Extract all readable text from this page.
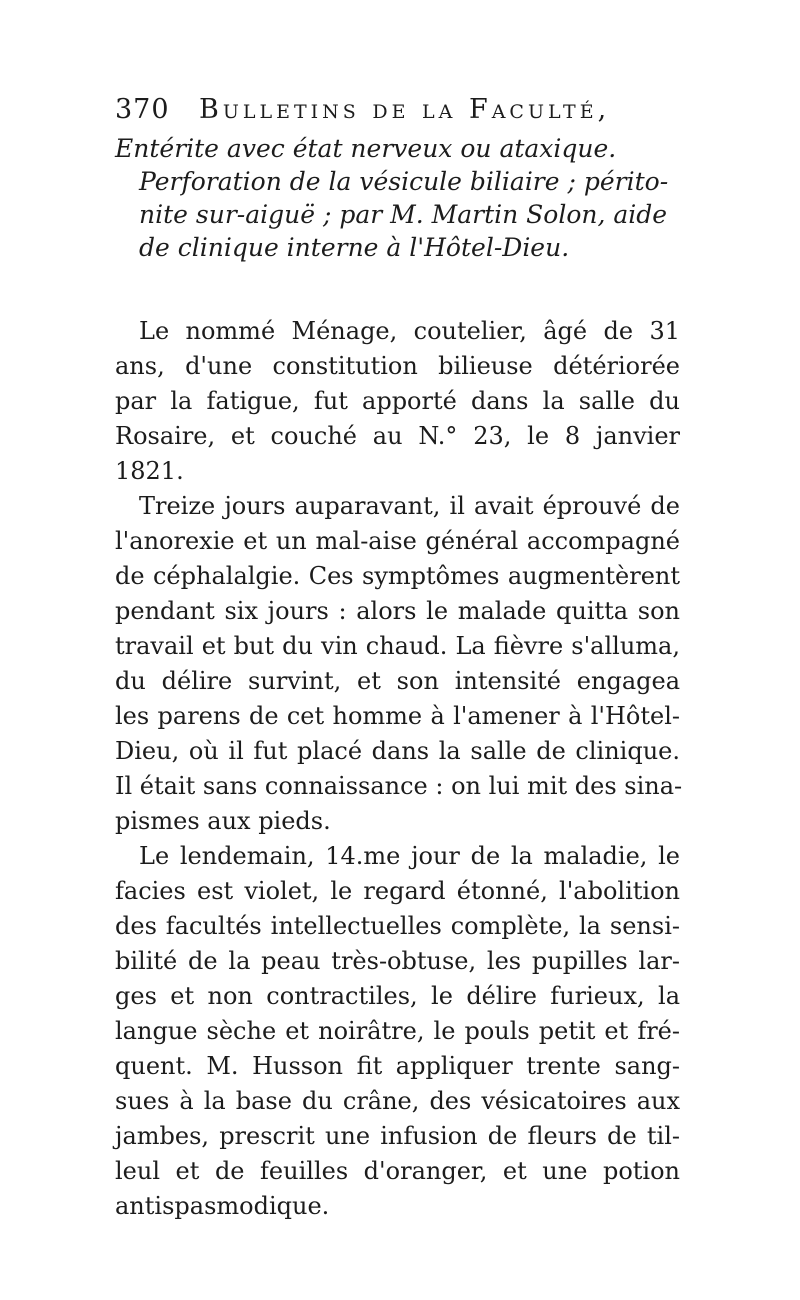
370 Bulletins de la Faculté,
Entérite avec état nerveux ou ataxique.
Perforation de la vésicule biliaire ; périto-
nite sur-aiguë ; par M. Martin Solon, aide
de clinique interne à l'Hôtel-Dieu.
Le nommé Ménage, coutelier, âgé de 31
ans, d'une constitution bilieuse détériorée
par la fatigue, fut apporté dans la salle du
Rosaire, et couché au N.° 23, le 8 janvier
1821.
Treize jours auparavant, il avait éprouvé de
l'anorexie et un mal-aise général accompagné
de céphalalgie. Ces symptômes augmentèrent
pendant six jours : alors le malade quitta son
travail et but du vin chaud. La fièvre s'alluma,
du délire survint, et son intensité engagea
les parens de cet homme à l'amener à l'Hôtel-
Dieu, où il fut placé dans la salle de clinique.
Il était sans connaissance : on lui mit des sina-
pismes aux pieds.
Le lendemain, 14.me jour de la maladie, le
facies est violet, le regard étonné, l'abolition
des facultés intellectuelles complète, la sensi-
bilité de la peau très-obtuse, les pupilles lar-
ges et non contractiles, le délire furieux, la
langue sèche et noirâtre, le pouls petit et fré-
quent. M. Husson fit appliquer trente sang-
sues à la base du crâne, des vésicatoires aux
jambes, prescrit une infusion de fleurs de til-
leul et de feuilles d'oranger, et une potion
antispasmodique.
